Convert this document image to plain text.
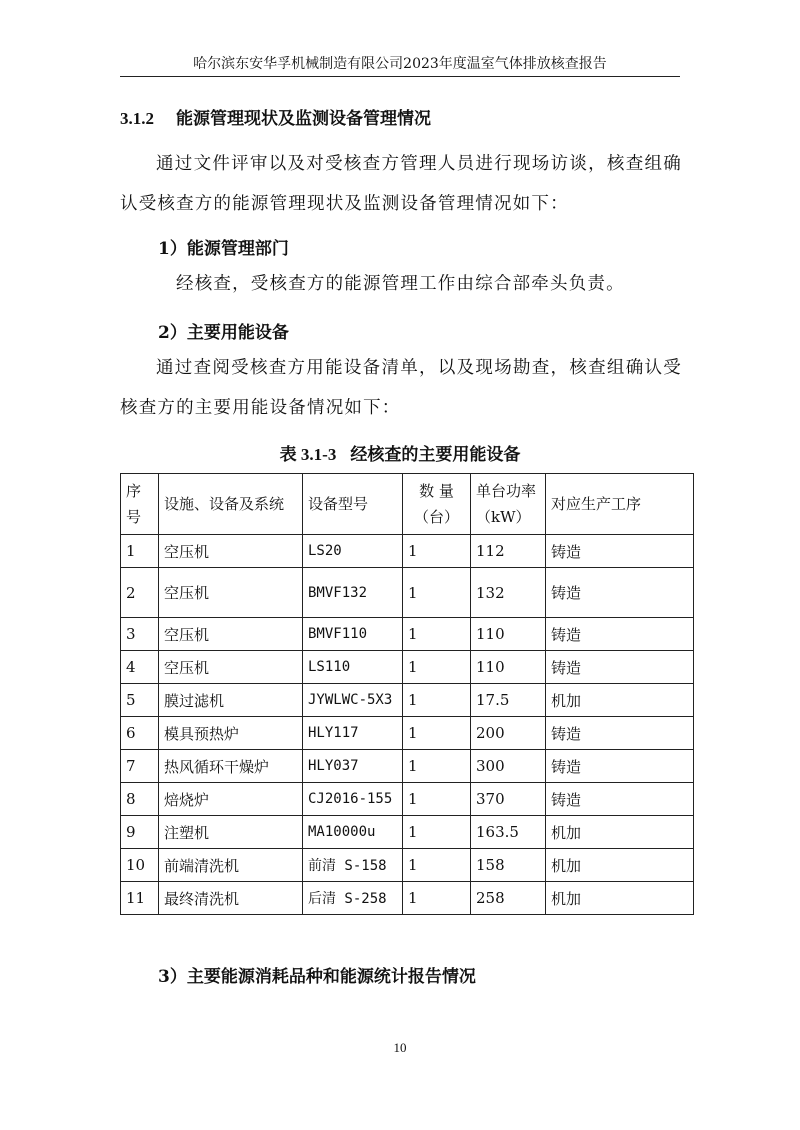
哈尔滨东安华孚机械制造有限公司2023年度温室气体排放核查报告
3.1.2 能源管理现状及监测设备管理情况
通过文件评审以及对受核查方管理人员进行现场访谈，核查组确认受核查方的能源管理现状及监测设备管理情况如下：
1）能源管理部门
经核查，受核查方的能源管理工作由综合部牵头负责。
2）主要用能设备
通过查阅受核查方用能设备清单，以及现场勘查，核查组确认受核查方的主要用能设备情况如下：
表 3.1-3 经核查的主要用能设备
序号	设施、设备及系统	设备型号	数 量（台）	单台功率（kW）	对应生产工序
1	空压机	LS20	1	112	铸造
2	空压机	BMVF132	1	132	铸造
3	空压机	BMVF110	1	110	铸造
4	空压机	LS110	1	110	铸造
5	膜过滤机	JYWLWC-5X3	1	17.5	机加
6	模具预热炉	HLY117	1	200	铸造
7	热风循环干燥炉	HLY037	1	300	铸造
8	焙烧炉	CJ2016-155	1	370	铸造
9	注塑机	MA10000u	1	163.5	机加
10	前端清洗机	前清 S-158	1	158	机加
11	最终清洗机	后清 S-258	1	258	机加
3）主要能源消耗品种和能源统计报告情况
10
